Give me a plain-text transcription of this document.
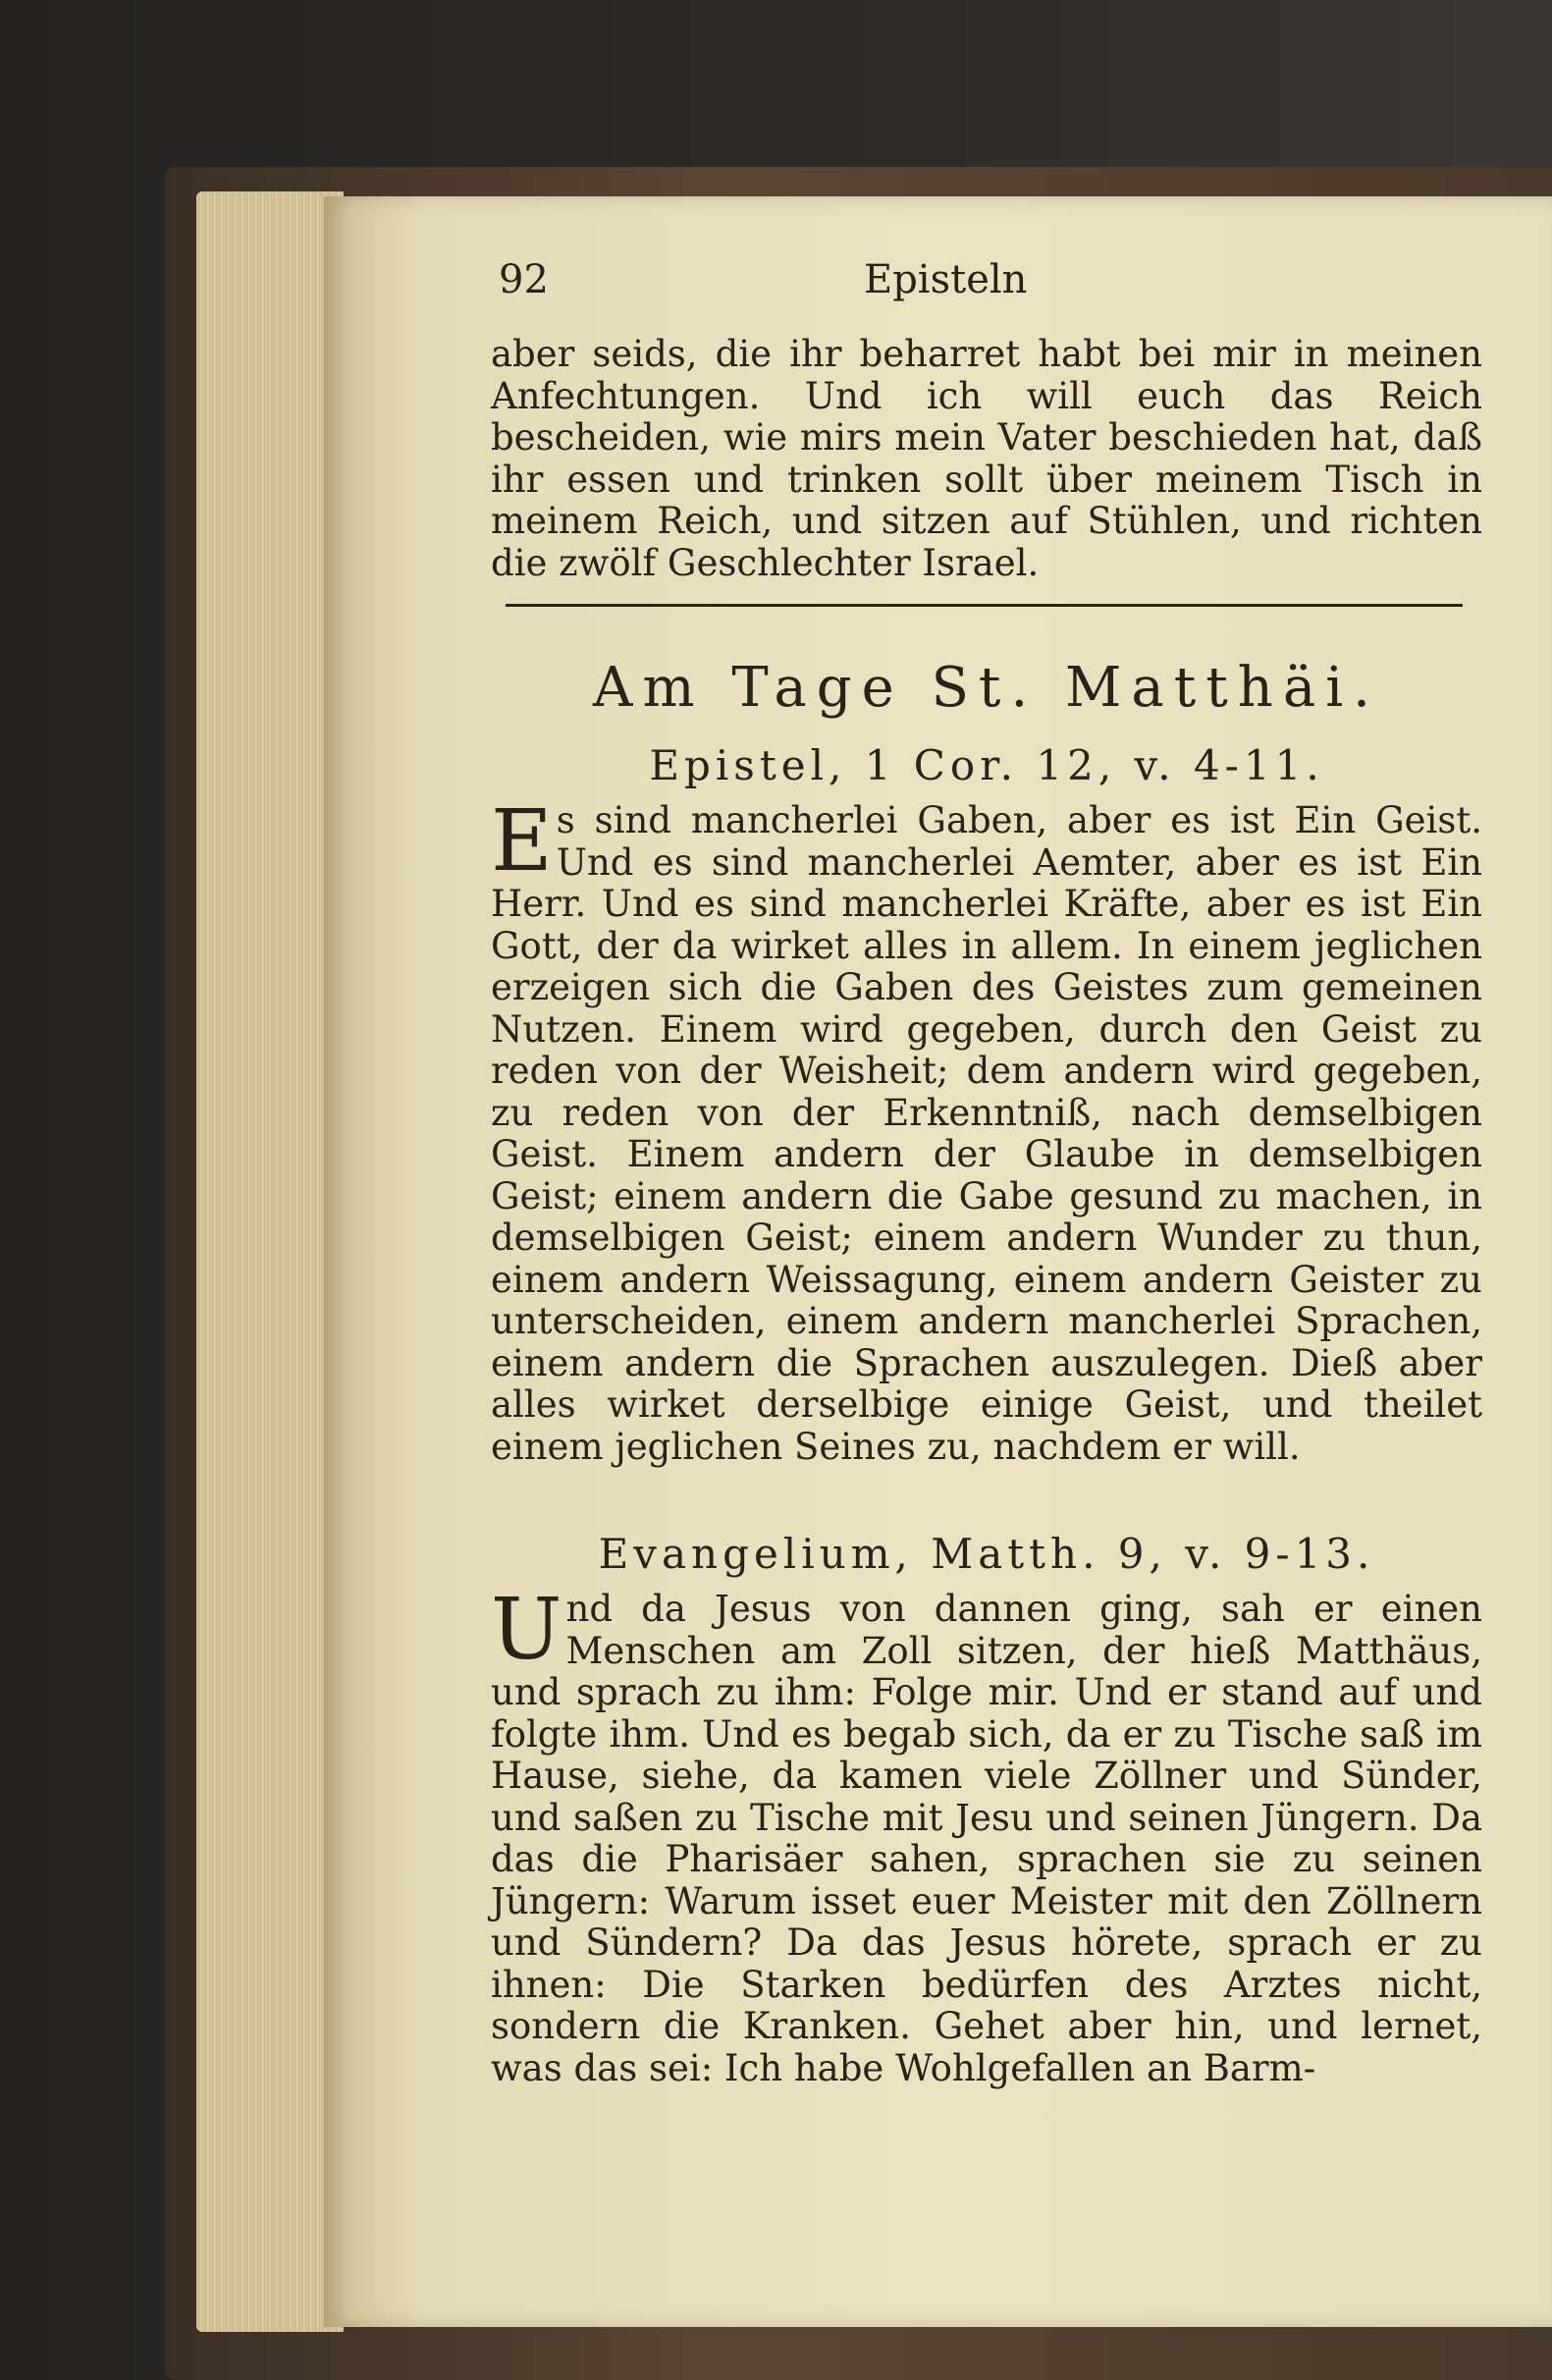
92	Episteln
aber seids, die ihr beharret habt bei mir in meinen Anfechtungen. Und ich will euch das Reich bescheiden, wie mirs mein Vater beschieden hat, daß ihr essen und trinken sollt über meinem Tisch in meinem Reich, und sitzen auf Stühlen, und richten die zwölf Geschlechter Israel.
Am Tage St. Matthäi.
Epistel, 1 Cor. 12, v. 4-11.
Es sind mancherlei Gaben, aber es ist Ein Geist. Und es sind mancherlei Aemter, aber es ist Ein Herr. Und es sind mancherlei Kräfte, aber es ist Ein Gott, der da wirket alles in allem. In einem jeglichen erzeigen sich die Gaben des Geistes zum gemeinen Nutzen. Einem wird gegeben, durch den Geist zu reden von der Weisheit; dem andern wird gegeben, zu reden von der Erkenntniß, nach demselbigen Geist. Einem andern der Glaube in demselbigen Geist; einem andern die Gabe gesund zu machen, in demselbigen Geist; einem andern Wunder zu thun, einem andern Weissagung, einem andern Geister zu unterscheiden, einem andern mancherlei Sprachen, einem andern die Sprachen auszulegen. Dieß aber alles wirket derselbige einige Geist, und theilet einem jeglichen Seines zu, nachdem er will.
Evangelium, Matth. 9, v. 9-13.
Und da Jesus von dannen ging, sah er einen Menschen am Zoll sitzen, der hieß Matthäus, und sprach zu ihm: Folge mir. Und er stand auf und folgte ihm. Und es begab sich, da er zu Tische saß im Hause, siehe, da kamen viele Zöllner und Sünder, und saßen zu Tische mit Jesu und seinen Jüngern. Da das die Pharisäer sahen, sprachen sie zu seinen Jüngern: Warum isset euer Meister mit den Zöllnern und Sündern? Da das Jesus hörete, sprach er zu ihnen: Die Starken bedürfen des Arztes nicht, sondern die Kranken. Gehet aber hin, und lernet, was das sei: Ich habe Wohlgefallen an Barm-
